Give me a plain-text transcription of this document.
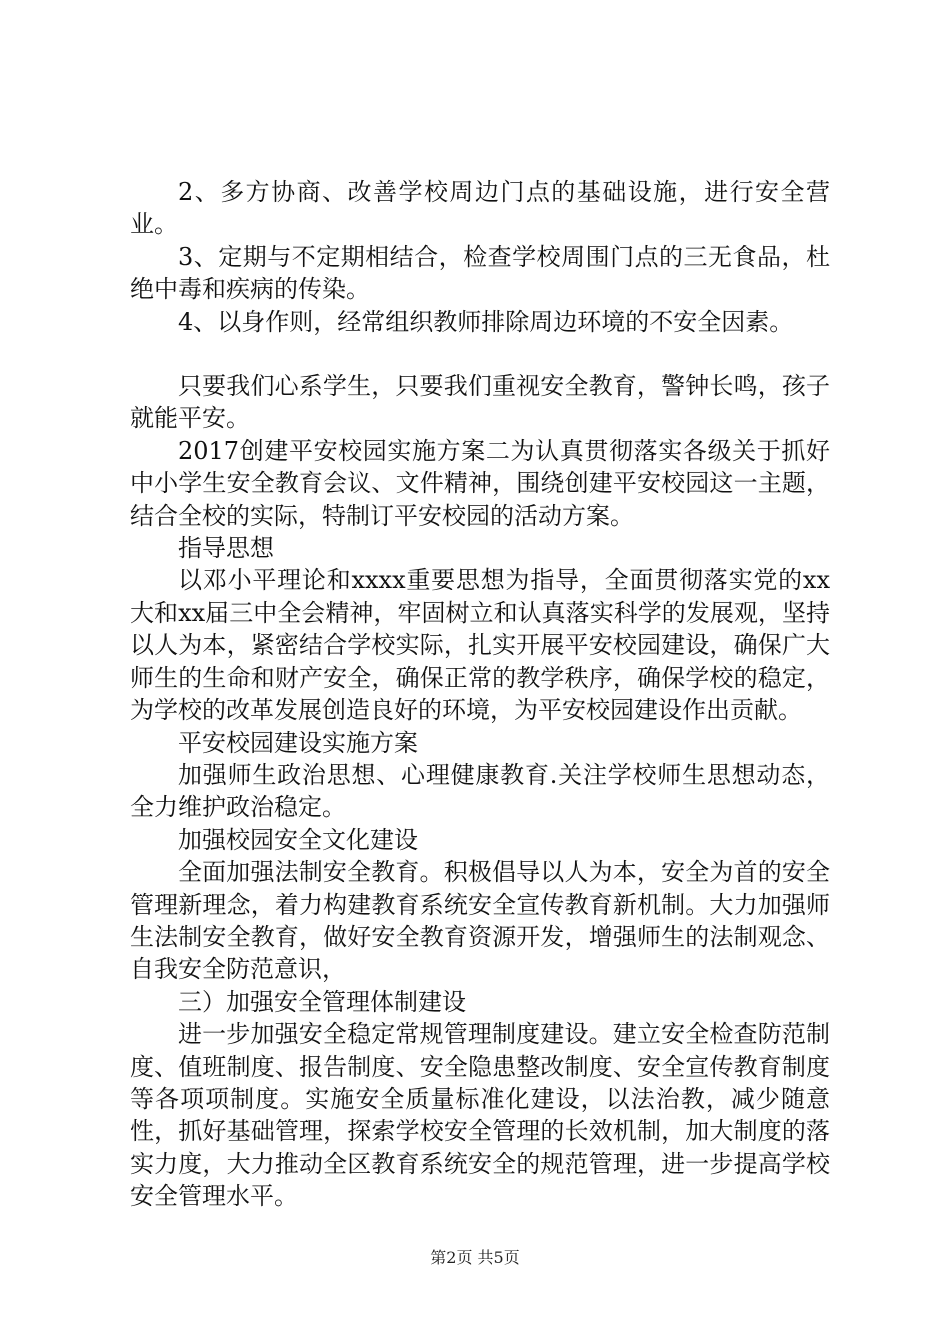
2、多方协商、改善学校周边门点的基础设施，进行安全营业。

3、定期与不定期相结合，检查学校周围门点的三无食品，杜绝中毒和疾病的传染。

4、以身作则，经常组织教师排除周边环境的不安全因素。

只要我们心系学生，只要我们重视安全教育，警钟长鸣，孩子就能平安。

2017创建平安校园实施方案二为认真贯彻落实各级关于抓好中小学生安全教育会议、文件精神，围绕创建平安校园这一主题，结合全校的实际，特制订平安校园的活动方案。

指导思想

以邓小平理论和xxxx重要思想为指导，全面贯彻落实党的xx大和xx届三中全会精神，牢固树立和认真落实科学的发展观，坚持以人为本，紧密结合学校实际，扎实开展平安校园建设，确保广大师生的生命和财产安全，确保正常的教学秩序，确保学校的稳定，为学校的改革发展创造良好的环境，为平安校园建设作出贡献。

平安校园建设实施方案

加强师生政治思想、心理健康教育.关注学校师生思想动态，全力维护政治稳定。

加强校园安全文化建设

全面加强法制安全教育。积极倡导以人为本，安全为首的安全管理新理念，着力构建教育系统安全宣传教育新机制。大力加强师生法制安全教育，做好安全教育资源开发，增强师生的法制观念、自我安全防范意识，

三）加强安全管理体制建设

进一步加强安全稳定常规管理制度建设。建立安全检查防范制度、值班制度、报告制度、安全隐患整改制度、安全宣传教育制度等各项项制度。实施安全质量标准化建设，以法治教，减少随意性，抓好基础管理，探索学校安全管理的长效机制，加大制度的落实力度，大力推动全区教育系统安全的规范管理，进一步提高学校安全管理水平。

第2页 共5页
